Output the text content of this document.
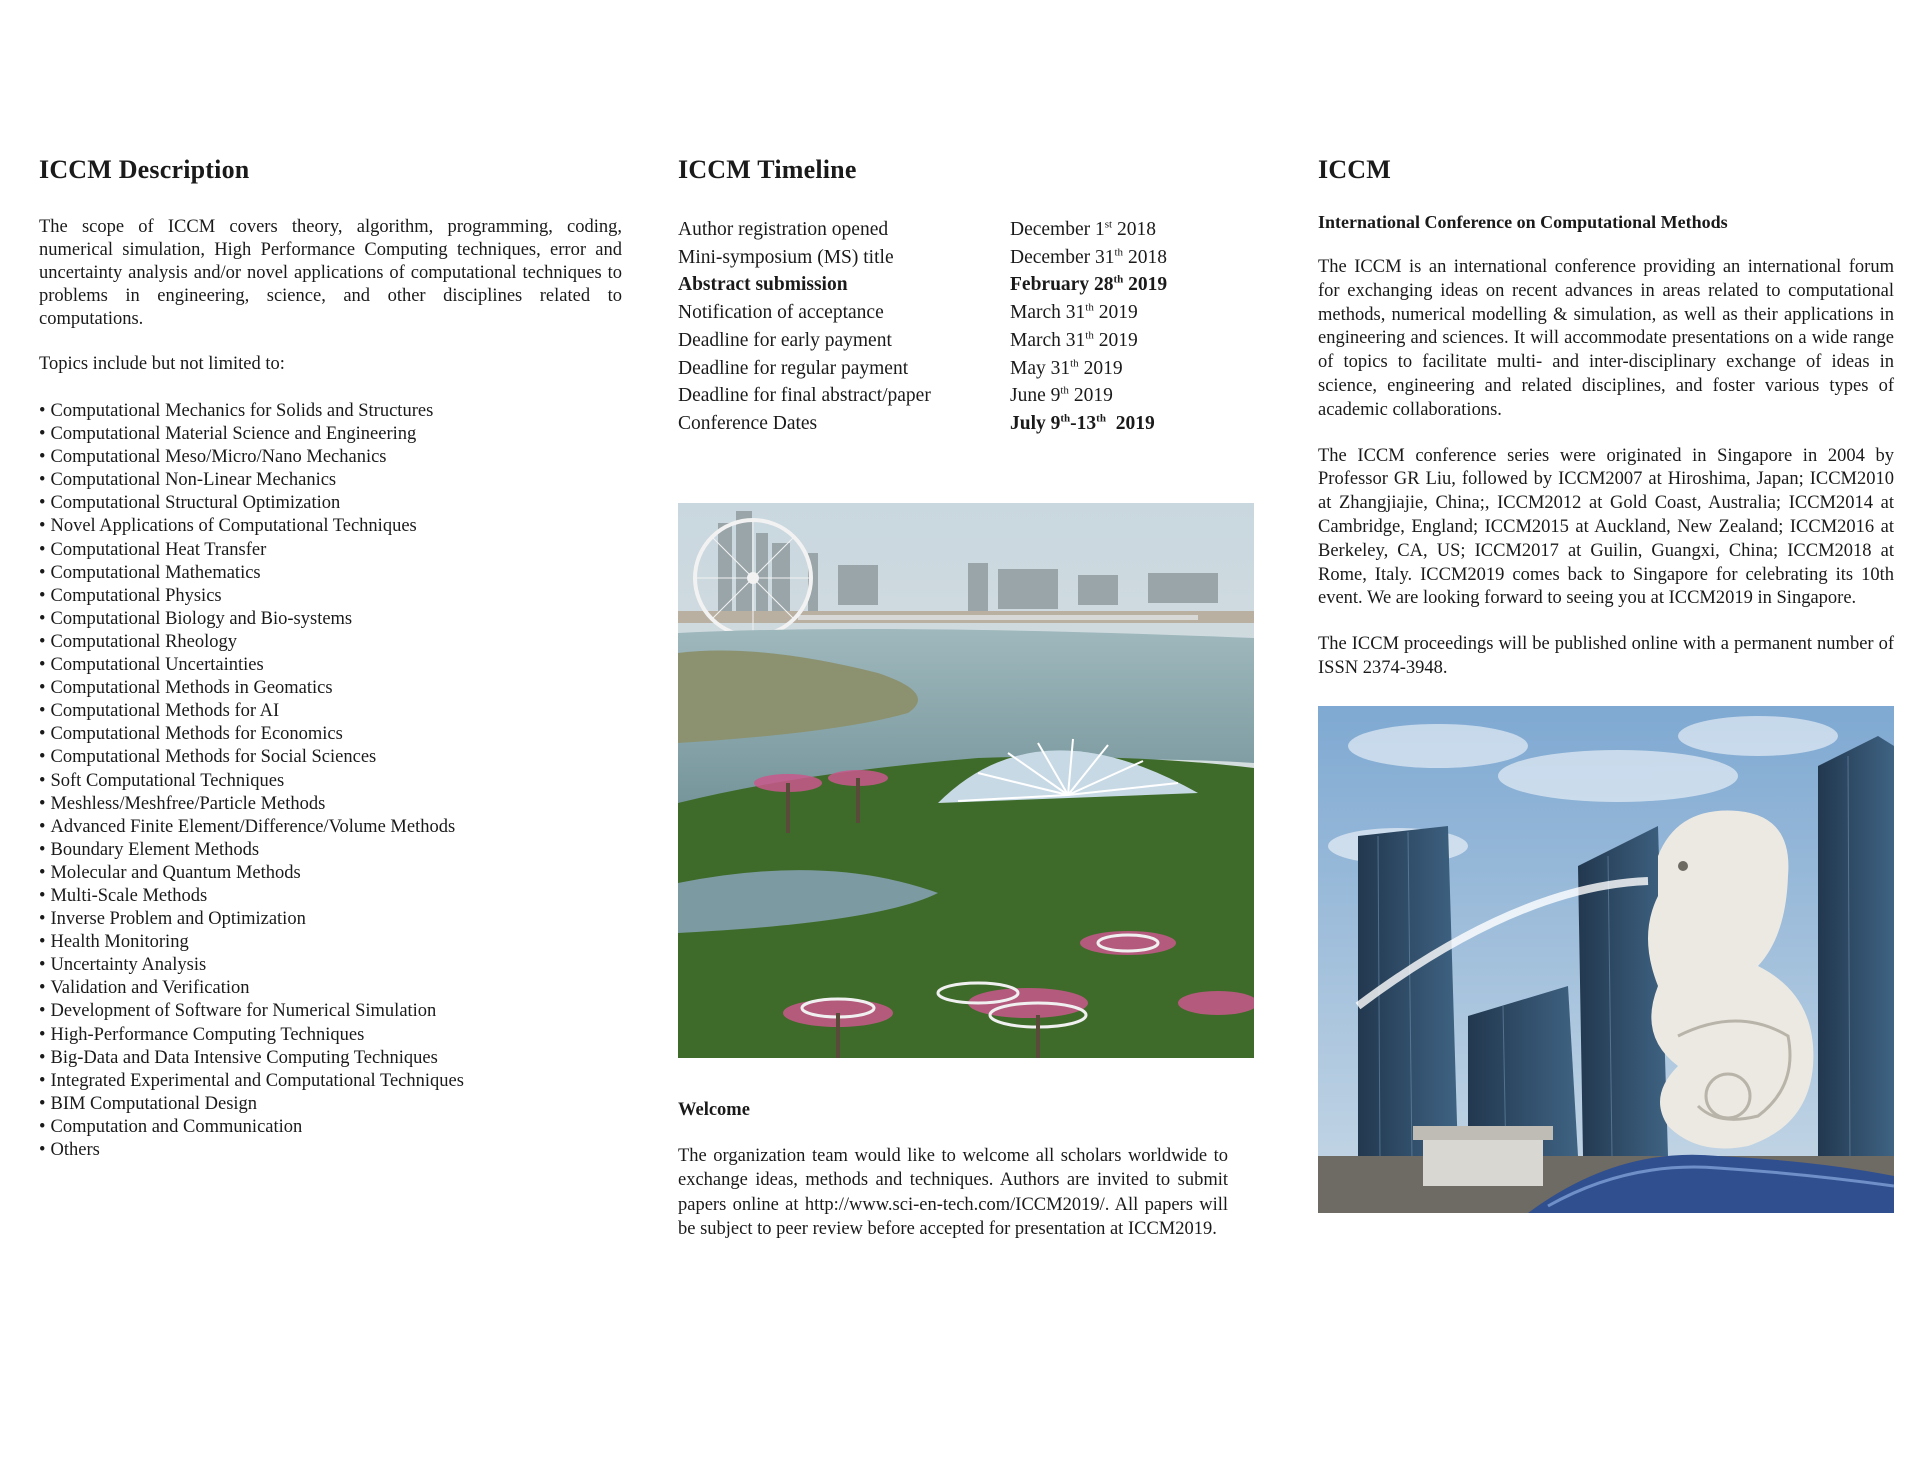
ICCM Description

The scope of ICCM covers theory, algorithm, programming, coding, numerical simulation, High Performance Computing techniques, error and uncertainty analysis and/or novel applications of computational techniques to problems in engineering, science, and other disciplines related to computations.

Topics include but not limited to:

• Computational Mechanics for Solids and Structures
• Computational Material Science and Engineering
• Computational Meso/Micro/Nano Mechanics
• Computational Non-Linear Mechanics
• Computational Structural Optimization
• Novel Applications of Computational Techniques
• Computational Heat Transfer
• Computational Mathematics
• Computational Physics
• Computational Biology and Bio-systems
• Computational Rheology
• Computational Uncertainties
• Computational Methods in Geomatics
• Computational Methods for AI
• Computational Methods for Economics
• Computational Methods for Social Sciences
• Soft Computational Techniques
• Meshless/Meshfree/Particle Methods
• Advanced Finite Element/Difference/Volume Methods
• Boundary Element Methods
• Molecular and Quantum Methods
• Multi-Scale Methods
• Inverse Problem and Optimization
• Health Monitoring
• Uncertainty Analysis
• Validation and Verification
• Development of Software for Numerical Simulation
• High-Performance Computing Techniques
• Big-Data and Data Intensive Computing Techniques
• Integrated Experimental and Computational Techniques
• BIM Computational Design
• Computation and Communication
• Others
ICCM Timeline
Author registration opened	December 1st 2018
Mini-symposium (MS) title	December 31th 2018
Abstract submission	February 28th 2019
Notification of acceptance	March 31th 2019
Deadline for early payment	March 31th 2019
Deadline for regular payment	May 31th 2019
Deadline for final abstract/paper	June 9th 2019
Conference Dates	July 9th-13th  2019
Welcome

The organization team would like to welcome all scholars worldwide to exchange ideas, methods and techniques. Authors are invited to submit papers online at http://www.sci-en-tech.com/ICCM2019/. All papers will be subject to peer review before accepted for presentation at ICCM2019.

ICCM
International Conference on Computational Methods

The ICCM is an international conference providing an international forum for exchanging ideas on recent advances in areas related to computational methods, numerical modelling & simulation, as well as their applications in engineering and sciences. It will accommodate presentations on a wide range of topics to facilitate multi- and inter-disciplinary exchange of ideas in science, engineering and related disciplines, and foster various types of academic collaborations.

The ICCM conference series were originated in Singapore in 2004 by Professor GR Liu, followed by ICCM2007 at Hiroshima, Japan; ICCM2010 at Zhangjiajie, China;, ICCM2012 at Gold Coast, Australia; ICCM2014 at Cambridge, England; ICCM2015 at Auckland, New Zealand; ICCM2016 at Berkeley, CA, US; ICCM2017 at Guilin, Guangxi, China; ICCM2018 at Rome, Italy. ICCM2019 comes back to Singapore for celebrating its 10th event. We are looking forward to seeing you at ICCM2019 in Singapore.

The ICCM proceedings will be published online with a permanent number of ISSN 2374-3948.
